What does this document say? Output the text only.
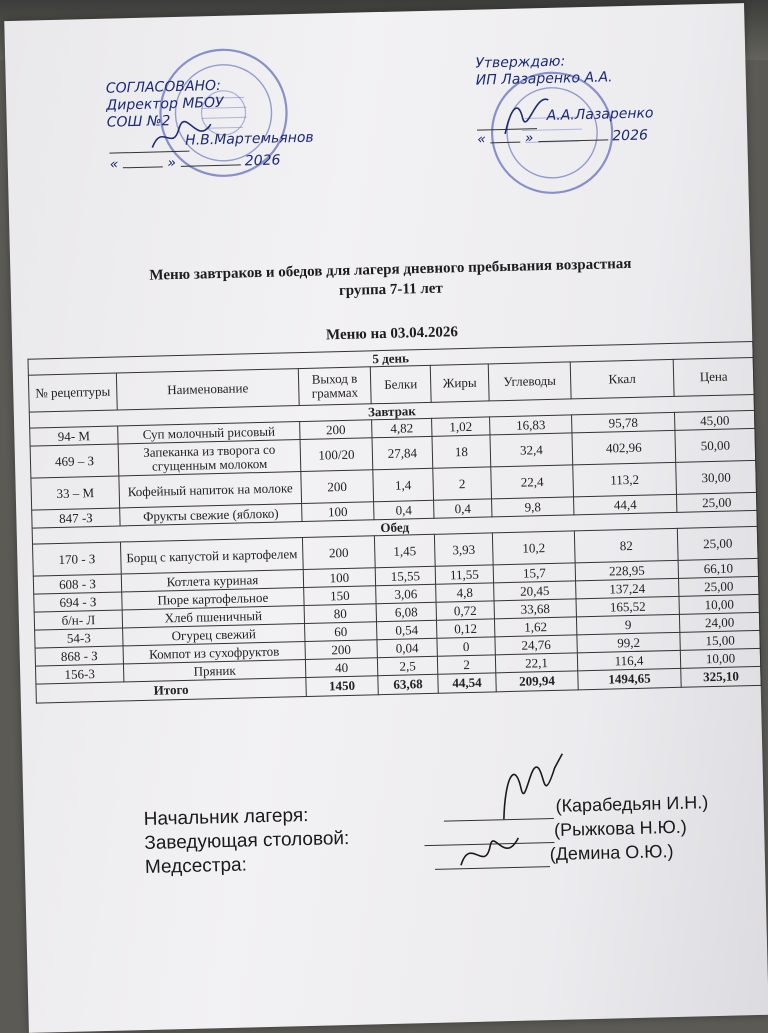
СОГЛАСОВАНО:
Директор МБОУ
СОШ №2
Н.В.Мартемьянов
«	»	2026
Утверждаю:
ИП Лазаренко А.А.
А.А.Лазаренко
«	»	2026
Меню завтраков и обедов для лагеря дневного пребывания возрастная
группа 7-11 лет
Меню на 03.04.2026
5 день							
№ рецептуры	Наименование	Выход в граммах	Белки	Жиры	Углеводы	Ккал	Цена
Завтрак							
94- М	Суп молочный рисовый	200	4,82	1,02	16,83	95,78	45,00
469 – З	Запеканка из творога со сгущенным молоком	100/20	27,84	18	32,4	402,96	50,00
33 – М	Кофейный напиток на молоке	200	1,4	2	22,4	113,2	30,00
847 -З	Фрукты свежие (яблоко)	100	0,4	0,4	9,8	44,4	25,00
Обед							
170 - З	Борщ с капустой и картофелем	200	1,45	3,93	10,2	82	25,00
608 - З	Котлета куриная	100	15,55	11,55	15,7	228,95	66,10
694 - З	Пюре картофельное	150	3,06	4,8	20,45	137,24	25,00
б/н- Л	Хлеб пшеничный	80	6,08	0,72	33,68	165,52	10,00
54-3	Огурец свежий	60	0,54	0,12	1,62	9	24,00
868 - З	Компот из сухофруктов	200	0,04	0	24,76	99,2	15,00
156-3	Пряник	40	2,5	2	22,1	116,4	10,00
Итого		1450	63,68	44,54	209,94	1494,65	325,10
Начальник лагеря:
Заведующая столовой:
Медсестра:
(Карабедьян И.Н.)
(Рыжкова Н.Ю.)
(Демина О.Ю.)
